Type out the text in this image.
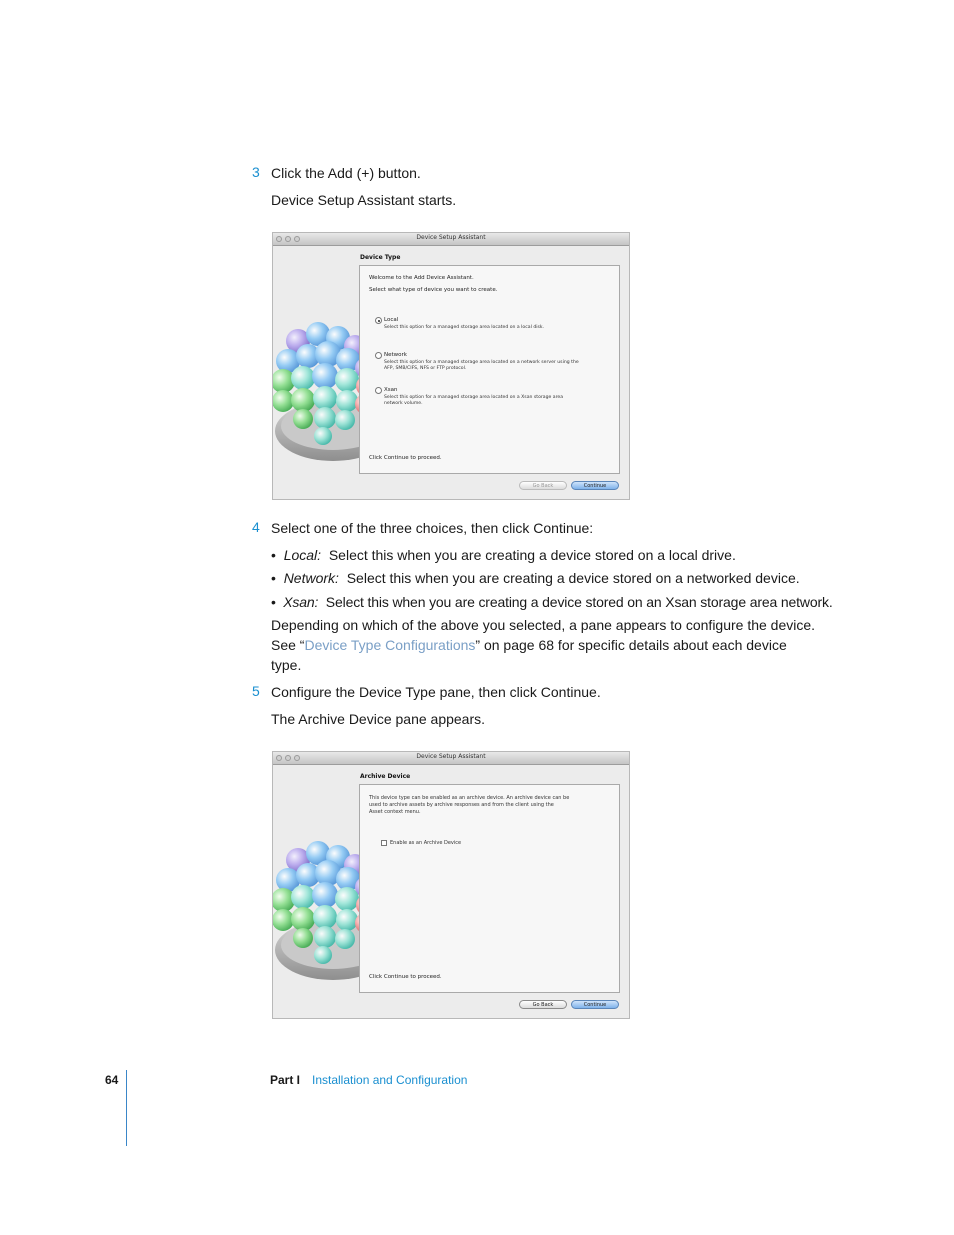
3 Click the Add (+) button.
Device Setup Assistant starts.
Device Setup Assistant
Device Type
Welcome to the Add Device Assistant.
Select what type of device you want to create.
Local
Select this option for a managed storage area located on a local disk.
Network
Select this option for a managed storage area located on a network server using the
AFP, SMB/CIFS, NFS or FTP protocol.
Xsan
Select this option for a managed storage area located on a Xsan storage area
network volume.
Click Continue to proceed.
Go Back	Continue
4 Select one of the three choices, then click Continue:
•  Local: Select this when you are creating a device stored on a local drive.
•  Network: Select this when you are creating a device stored on a networked device.
•  Xsan: Select this when you are creating a device stored on an Xsan storage area network.
Depending on which of the above you selected, a pane appears to configure the device. See “Device Type Configurations” on page 68 for specific details about each device type.
5 Configure the Device Type pane, then click Continue.
The Archive Device pane appears.
Device Setup Assistant
Archive Device
This device type can be enabled as an archive device. An archive device can be
used to archive assets by archive responses and from the client using the
Asset context menu.
Enable as an Archive Device
Click Continue to proceed.
Go Back	Continue
64	Part I Installation and Configuration
